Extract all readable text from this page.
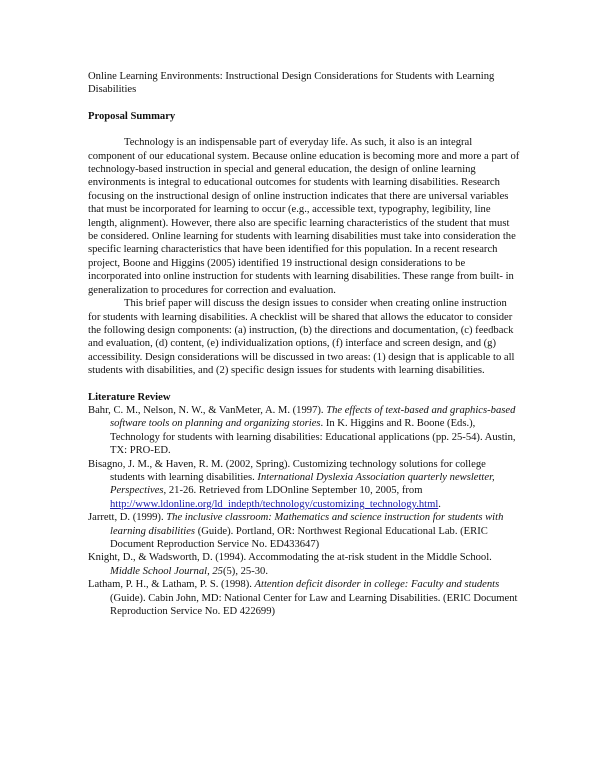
Online Learning Environments: Instructional Design Considerations for Students with Learning Disabilities

Proposal Summary

Technology is an indispensable part of everyday life. As such, it also is an integral component of our educational system. Because online education is becoming more and more a part of technology-based instruction in special and general education, the design of online learning environments is integral to educational outcomes for students with learning disabilities. Research focusing on the instructional design of online instruction indicates that there are universal variables that must be incorporated for learning to occur (e.g., accessible text, typography, legibility, line length, alignment). However, there also are specific learning characteristics of the student that must be considered. Online learning for students with learning disabilities must take into consideration the specific learning characteristics that have been identified for this population. In a recent research project, Boone and Higgins (2005) identified 19 instructional design considerations to be incorporated into online instruction for students with learning disabilities. These range from built- in generalization to procedures for correction and evaluation.

This brief paper will discuss the design issues to consider when creating online instruction for students with learning disabilities. A checklist will be shared that allows the educator to consider the following design components: (a) instruction, (b) the directions and documentation, (c) feedback and evaluation, (d) content, (e) individualization options, (f) interface and screen design, and (g) accessibility. Design considerations will be discussed in two areas: (1) design that is applicable to all students with disabilities, and (2) specific design issues for students with learning disabilities.

Literature Review

Bahr, C. M., Nelson, N. W., & VanMeter, A. M. (1997). The effects of text-based and graphics-based software tools on planning and organizing stories. In K. Higgins and R. Boone (Eds.), Technology for students with learning disabilities: Educational applications (pp. 25-54). Austin, TX: PRO-ED.

Bisagno, J. M., & Haven, R. M. (2002, Spring). Customizing technology solutions for college students with learning disabilities. International Dyslexia Association quarterly newsletter, Perspectives, 21-26. Retrieved from LDOnline September 10, 2005, from http://www.ldonline.org/ld_indepth/technology/customizing_technology.html.

Jarrett, D. (1999). The inclusive classroom: Mathematics and science instruction for students with learning disabilities (Guide). Portland, OR: Northwest Regional Educational Lab. (ERIC Document Reproduction Service No. ED433647)

Knight, D., & Wadsworth, D. (1994). Accommodating the at-risk student in the Middle School. Middle School Journal, 25(5), 25-30.

Latham, P. H., & Latham, P. S. (1998). Attention deficit disorder in college: Faculty and students (Guide). Cabin John, MD: National Center for Law and Learning Disabilities. (ERIC Document Reproduction Service No. ED 422699)
